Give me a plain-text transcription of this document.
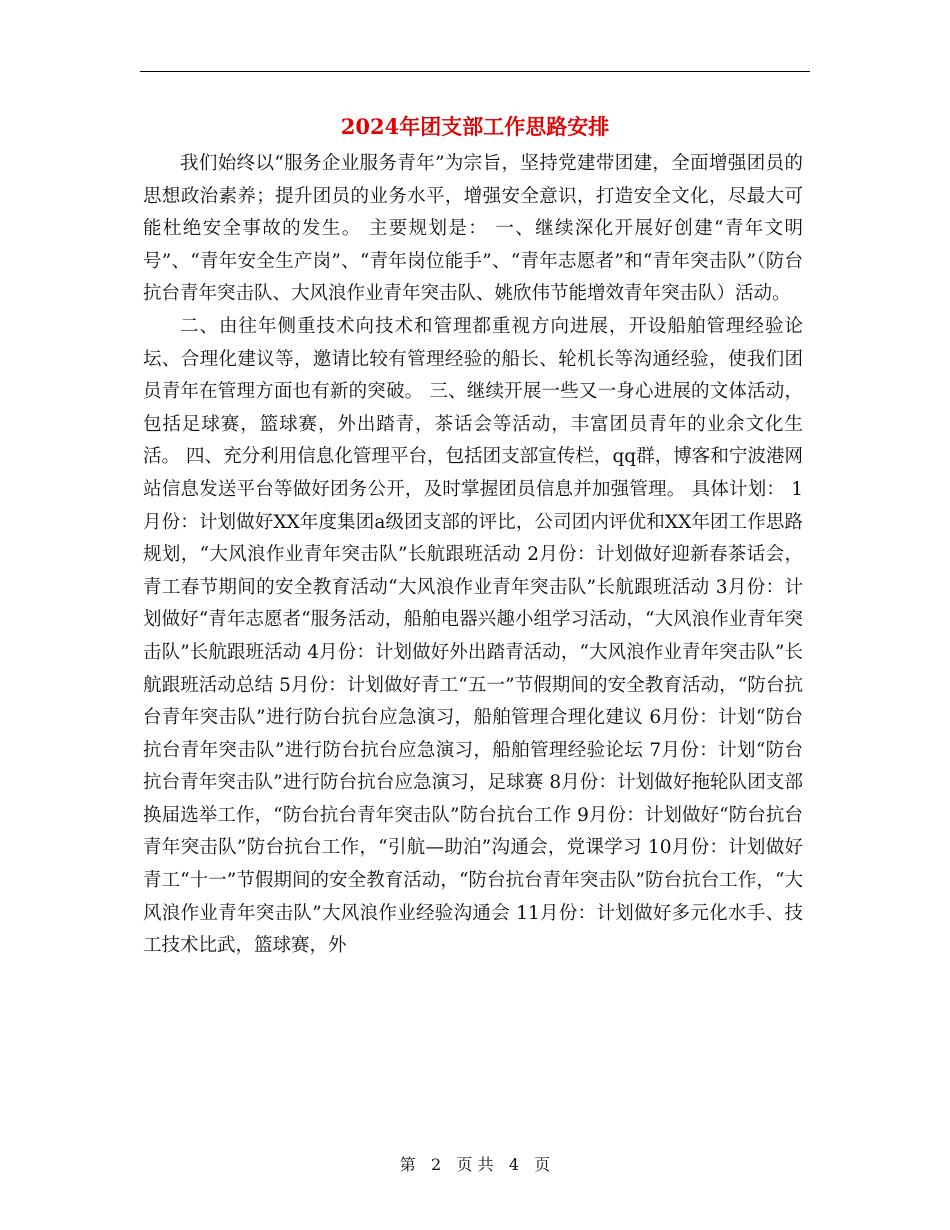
2024年团支部工作思路安排

我们始终以“服务企业服务青年”为宗旨，坚持党建带团建，全面增强团员的思想政治素养；提升团员的业务水平，增强安全意识，打造安全文化，尽最大可能杜绝安全事故的发生。 主要规划是： 一、继续深化开展好创建“青年文明号”、“青年安全生产岗”、“青年岗位能手”、“青年志愿者”和“青年突击队”（防台抗台青年突击队、大风浪作业青年突击队、姚欣伟节能增效青年突击队）活动。

二、由往年侧重技术向技术和管理都重视方向进展，开设船舶管理经验论坛、合理化建议等，邀请比较有管理经验的船长、轮机长等沟通经验，使我们团员青年在管理方面也有新的突破。 三、继续开展一些又一身心进展的文体活动，包括足球赛，篮球赛，外出踏青，茶话会等活动，丰富团员青年的业余文化生活。 四、充分利用信息化管理平台，包括团支部宣传栏，qq群，博客和宁波港网站信息发送平台等做好团务公开，及时掌握团员信息并加强管理。 具体计划： 1月份：计划做好XX年度集团a级团支部的评比，公司团内评优和XX年团工作思路规划，“大风浪作业青年突击队”长航跟班活动 2月份：计划做好迎新春茶话会，青工春节期间的安全教育活动“大风浪作业青年突击队”长航跟班活动 3月份：计划做好“青年志愿者“服务活动，船舶电器兴趣小组学习活动，“大风浪作业青年突击队”长航跟班活动 4月份：计划做好外出踏青活动，“大风浪作业青年突击队”长航跟班活动总结 5月份：计划做好青工“五一”节假期间的安全教育活动，“防台抗台青年突击队”进行防台抗台应急演习，船舶管理合理化建议 6月份：计划“防台抗台青年突击队”进行防台抗台应急演习，船舶管理经验论坛 7月份：计划“防台抗台青年突击队”进行防台抗台应急演习，足球赛 8月份：计划做好拖轮队团支部换届选举工作，“防台抗台青年突击队”防台抗台工作 9月份：计划做好“防台抗台青年突击队”防台抗台工作，“引航—助泊”沟通会，党课学习 10月份：计划做好青工“十一”节假期间的安全教育活动，“防台抗台青年突击队”防台抗台工作，“大风浪作业青年突击队”大风浪作业经验沟通会 11月份：计划做好多元化水手、技工技术比武，篮球赛，外

第 2 页 共 4 页
